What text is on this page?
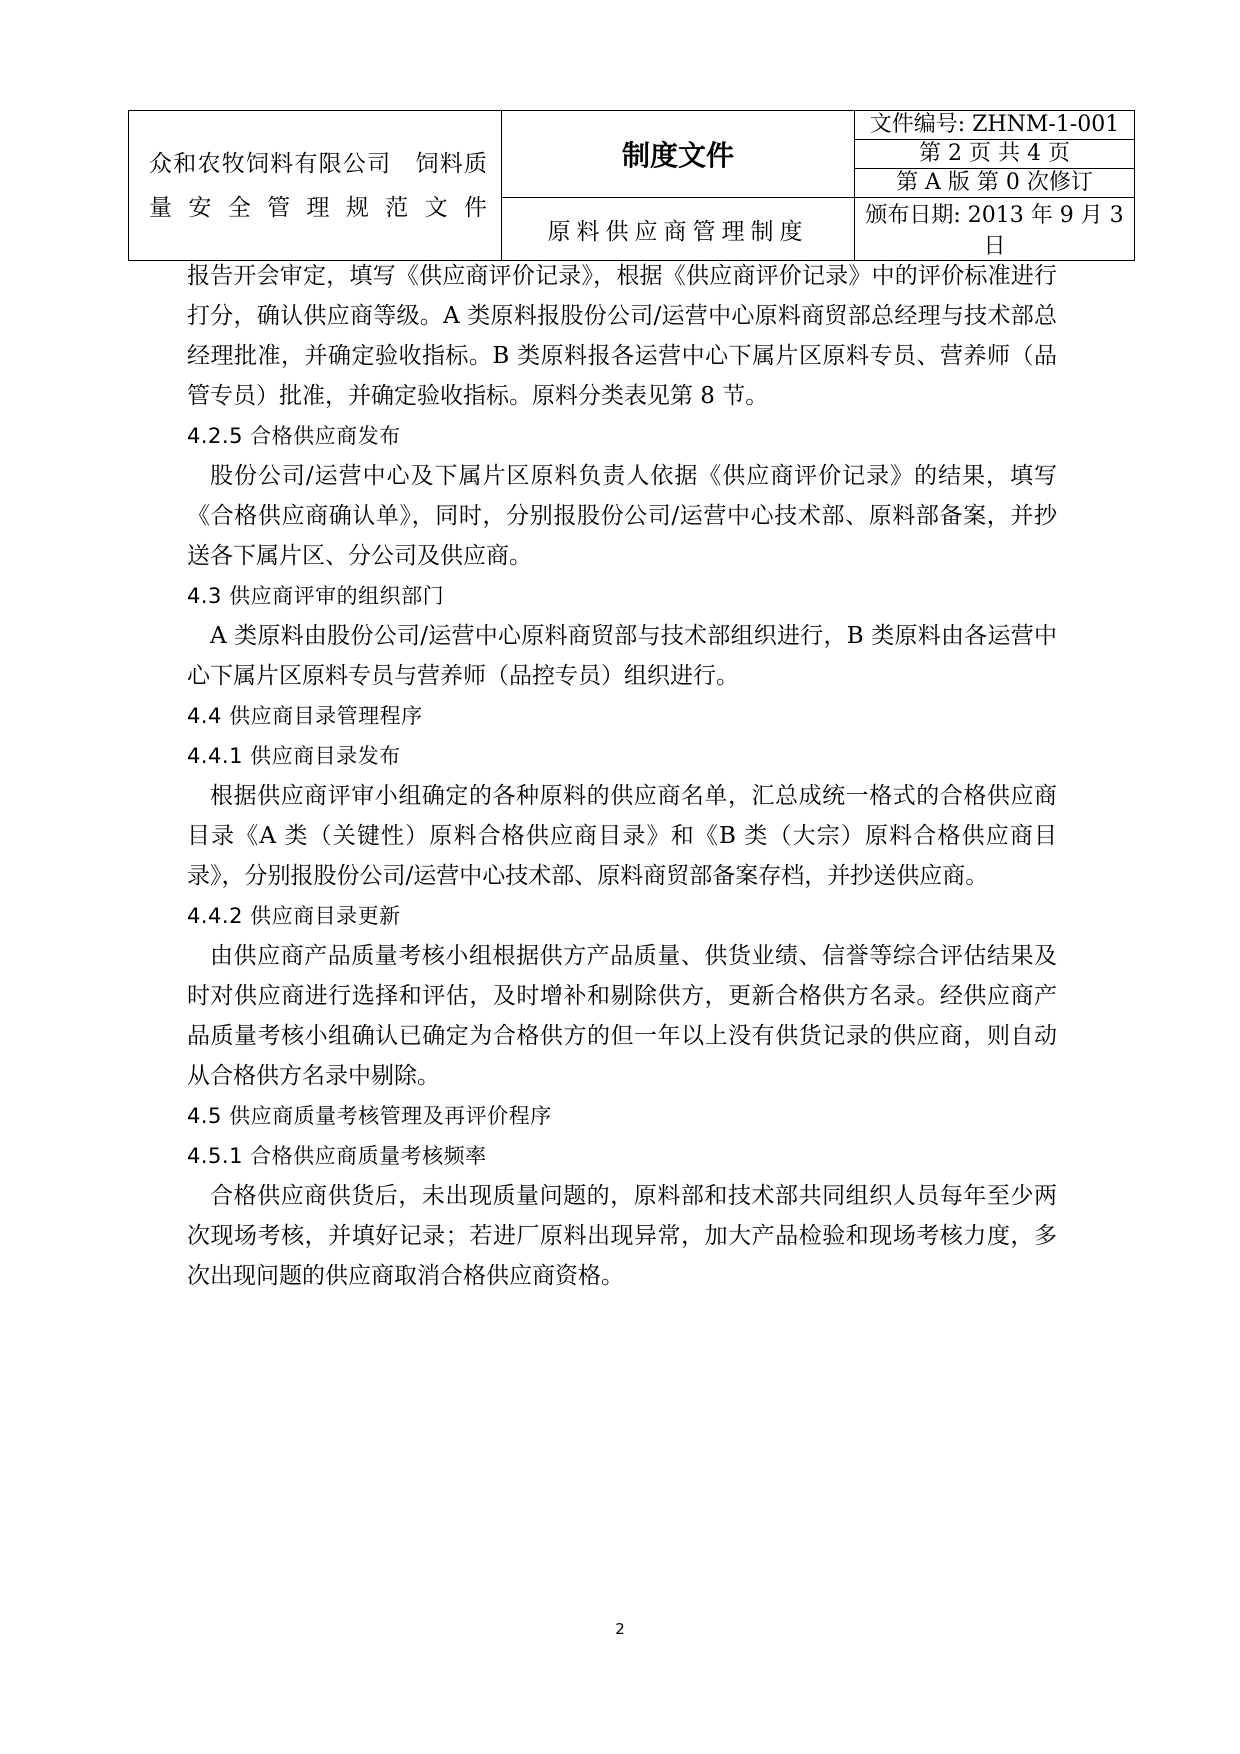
众和农牧饲料有限公司　饲料质量安全管理规范文件	制度文件	文件编号: ZHNM-1-001
		第 2 页 共 4 页
		第 A 版 第 0 次修订
	原料供应商管理制度	颁布日期: 2013 年 9 月 3 日

报告开会审定，填写《供应商评价记录》，根据《供应商评价记录》中的评价标准进行打分，确认供应商等级。A 类原料报股份公司/运营中心原料商贸部总经理与技术部总经理批准，并确定验收指标。B 类原料报各运营中心下属片区原料专员、营养师（品管专员）批准，并确定验收指标。原料分类表见第 8 节。

4.2.5 合格供应商发布

股份公司/运营中心及下属片区原料负责人依据《供应商评价记录》的结果，填写《合格供应商确认单》，同时，分别报股份公司/运营中心技术部、原料部备案，并抄送各下属片区、分公司及供应商。

4.3 供应商评审的组织部门

A 类原料由股份公司/运营中心原料商贸部与技术部组织进行，B 类原料由各运营中心下属片区原料专员与营养师（品控专员）组织进行。

4.4 供应商目录管理程序

4.4.1 供应商目录发布

根据供应商评审小组确定的各种原料的供应商名单，汇总成统一格式的合格供应商目录《A 类（关键性）原料合格供应商目录》和《B 类（大宗）原料合格供应商目录》，分别报股份公司/运营中心技术部、原料商贸部备案存档，并抄送供应商。

4.4.2 供应商目录更新

由供应商产品质量考核小组根据供方产品质量、供货业绩、信誉等综合评估结果及时对供应商进行选择和评估，及时增补和剔除供方，更新合格供方名录。经供应商产品质量考核小组确认已确定为合格供方的但一年以上没有供货记录的供应商，则自动从合格供方名录中剔除。

4.5 供应商质量考核管理及再评价程序

4.5.1 合格供应商质量考核频率

合格供应商供货后，未出现质量问题的，原料部和技术部共同组织人员每年至少两次现场考核，并填好记录；若进厂原料出现异常，加大产品检验和现场考核力度，多次出现问题的供应商取消合格供应商资格。

2
